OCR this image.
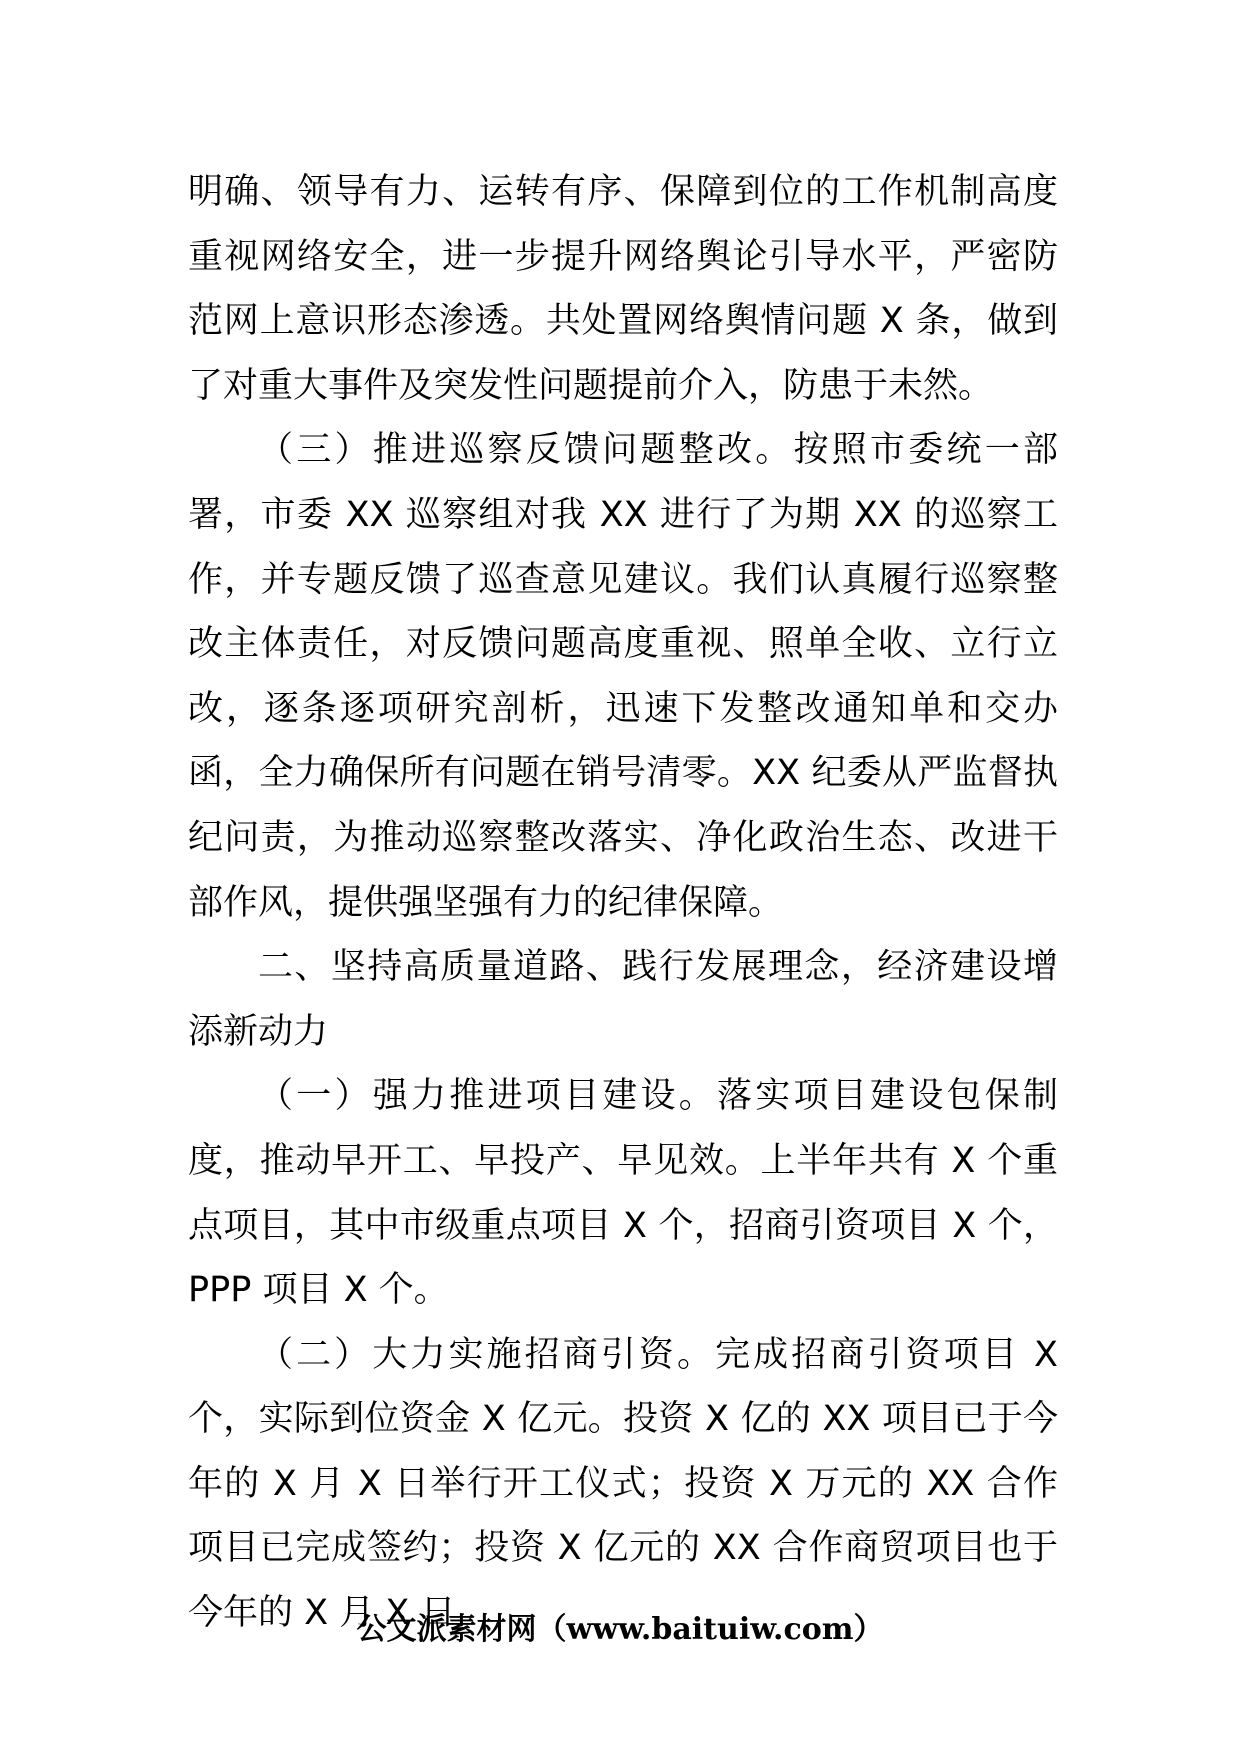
明确、领导有力、运转有序、保障到位的工作机制高度重视网络安全，进一步提升网络舆论引导水平，严密防范网上意识形态渗透。共处置网络舆情问题 X 条，做到了对重大事件及突发性问题提前介入，防患于未然。

（三）推进巡察反馈问题整改。按照市委统一部署，市委 XX 巡察组对我 XX 进行了为期 XX 的巡察工作，并专题反馈了巡查意见建议。我们认真履行巡察整改主体责任，对反馈问题高度重视、照单全收、立行立改，逐条逐项研究剖析，迅速下发整改通知单和交办函，全力确保所有问题在销号清零。XX 纪委从严监督执纪问责，为推动巡察整改落实、净化政治生态、改进干部作风，提供强坚强有力的纪律保障。

二、坚持高质量道路、践行发展理念，经济建设增添新动力

（一）强力推进项目建设。落实项目建设包保制度，推动早开工、早投产、早见效。上半年共有 X 个重点项目，其中市级重点项目 X 个，招商引资项目 X 个，PPP 项目 X 个。

（二）大力实施招商引资。完成招商引资项目 X 个，实际到位资金 X 亿元。投资 X 亿的 XX 项目已于今年的 X 月 X 日举行开工仪式；投资 X 万元的 XX 合作项目已完成签约；投资 X 亿元的 XX 合作商贸项目也于今年的 X 月 X 日

公文派素材网（www.baituiw.com）
